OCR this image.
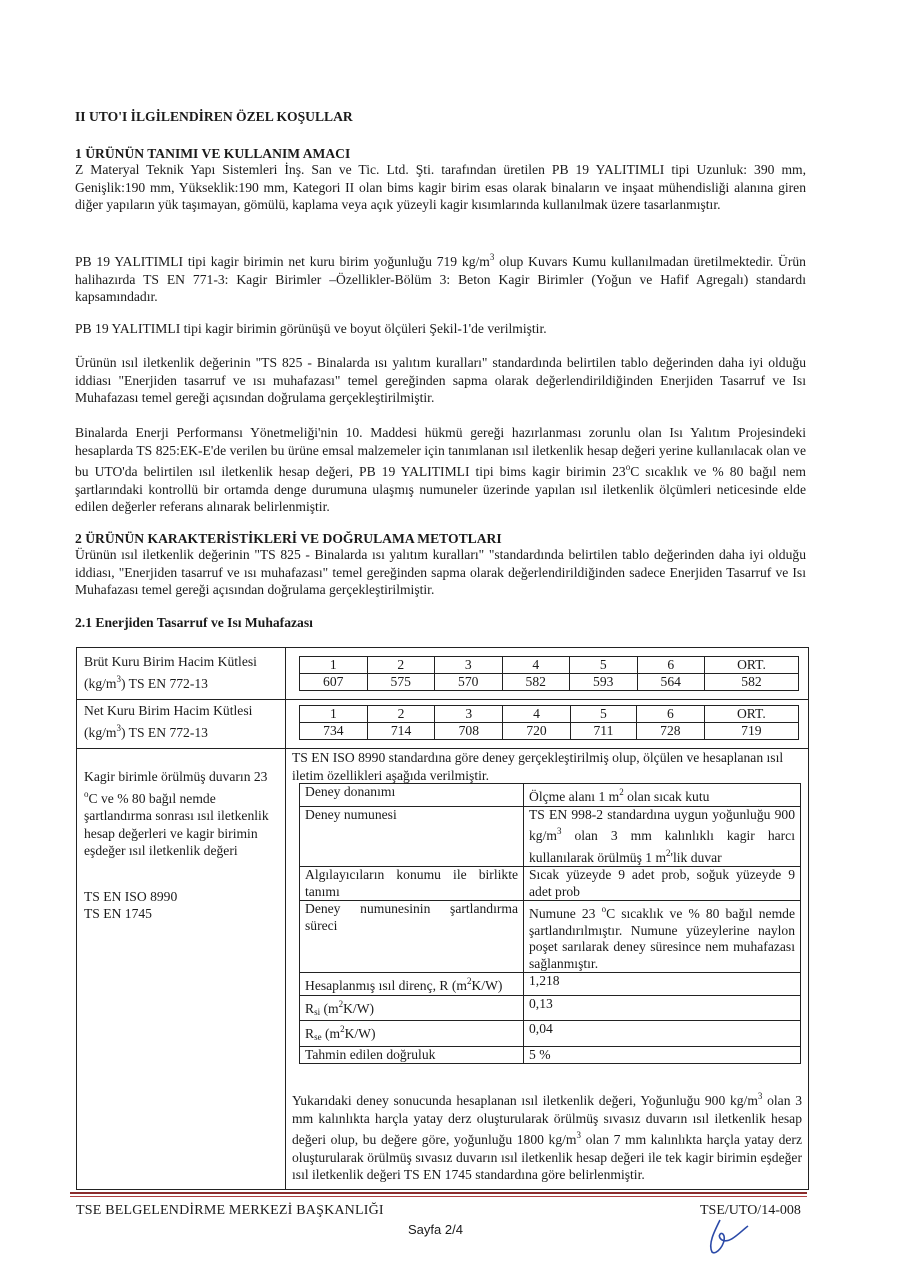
II UTO'I İLGİLENDİREN ÖZEL KOŞULLAR

1 ÜRÜNÜN TANIMI VE KULLANIM AMACI

Z Materyal Teknik Yapı Sistemleri İnş. San ve Tic. Ltd. Şti. tarafından üretilen PB 19 YALITIMLI tipi Uzunluk: 390 mm, Genişlik:190 mm, Yükseklik:190 mm, Kategori II olan bims kagir birim esas olarak binaların ve inşaat mühendisliği alanına giren diğer yapıların yük taşımayan, gömülü, kaplama veya açık yüzeyli kagir kısımlarında kullanılmak üzere tasarlanmıştır.

PB 19 YALITIMLI tipi kagir birimin net kuru birim yoğunluğu 719 $kg/m^3$ olup Kuvars Kumu kullanılmadan üretilmektedir. Ürün halihazırda TS EN 771-3: Kagir Birimler –Özellikler-Bölüm 3: Beton Kagir Birimler (Yoğun ve Hafif Agregalı) standardı kapsamındadır.

PB 19 YALITIMLI tipi kagir birimin görünüşü ve boyut ölçüleri Şekil-1'de verilmiştir.

Ürünün ısıl iletkenlik değerinin "TS 825 - Binalarda ısı yalıtım kuralları" standardında belirtilen tablo değerinden daha iyi olduğu iddiası "Enerjiden tasarruf ve ısı muhafazası" temel gereğinden sapma olarak değerlendirildiğinden Enerjiden Tasarruf ve Isı Muhafazası temel gereği açısından doğrulama gerçekleştirilmiştir.

Binalarda Enerji Performansı Yönetmeliği'nin 10. Maddesi hükmü gereği hazırlanması zorunlu olan Isı Yalıtım Projesindeki hesaplarda TS 825:EK-E'de verilen bu ürüne emsal malzemeler için tanımlanan ısıl iletkenlik hesap değeri yerine kullanılacak olan ve bu UTO'da belirtilen ısıl iletkenlik hesap değeri, PB 19 YALITIMLI tipi bims kagir birimin 23$^o$C sıcaklık ve % 80 bağıl nem şartlarındaki kontrollü bir ortamda denge durumuna ulaşmış numuneler üzerinde yapılan ısıl iletkenlik ölçümleri neticesinde elde edilen değerler referans alınarak belirlenmiştir.

2 ÜRÜNÜN KARAKTERİSTİKLERİ VE DOĞRULAMA METOTLARI

Ürünün ısıl iletkenlik değerinin "TS 825 - Binalarda ısı yalıtım kuralları" "standardında belirtilen tablo değerinden daha iyi olduğu iddiası, "Enerjiden tasarruf ve ısı muhafazası" temel gereğinden sapma olarak değerlendirildiğinden sadece Enerjiden Tasarruf ve Isı Muhafazası temel gereği açısından doğrulama gerçekleştirilmiştir.

2.1 Enerjiden Tasarruf ve Isı Muhafazası

Brüt Kuru Birim Hacim Kütlesi $(kg/m^3)$ TS EN 772-13
1	2	3	4	5	6	ORT.
607	575	570	582	593	564	582
Net Kuru Birim Hacim Kütlesi $(kg/m^3)$ TS EN 772-13
1	2	3	4	5	6	ORT.
734	714	708	720	711	728	719
Kagir birimle örülmüş duvarın 23 $^o$C ve % 80 bağıl nemde şartlandırma sonrası ısıl iletkenlik hesap değerleri ve kagir birimin eşdeğer ısıl iletkenlik değeri
TS EN ISO 8990
TS EN 1745
TS EN ISO 8990 standardına göre deney gerçekleştirilmiş olup, ölçülen ve hesaplanan ısıl iletim özellikleri aşağıda verilmiştir.
Deney donanımı	Ölçme alanı 1 $m^2$ olan sıcak kutu
Deney numunesi	TS EN 998-2 standardına uygun yoğunluğu 900 $kg/m^3$ olan 3 mm kalınlıklı kagir harcı kullanılarak örülmüş 1 $m^2'lik$ duvar
Algılayıcıların konumu ile birlikte tanımı	Sıcak yüzeyde 9 adet prob, soğuk yüzeyde 9 adet prob
Deney numunesinin şartlandırma süreci	Numune 23 $^o$C sıcaklık ve % 80 bağıl nemde şartlandırılmıştır. Numune yüzeylerine naylon poşet sarılarak deney süresince nem muhafazası sağlanmıştır.
Hesaplanmış ısıl direnç, R $(m^2K/W)$	1,218
$R_{si}$ $(m^2K/W)$	0,13
$R_{se}$ $(m^2K/W)$	0,04
Tahmin edilen doğruluk	5 %
Yukarıdaki deney sonucunda hesaplanan ısıl iletkenlik değeri, Yoğunluğu 900 $kg/m^3$ olan 3 mm kalınlıkta harçla yatay derz oluşturularak örülmüş sıvasız duvarın ısıl iletkenlik hesap değeri olup, bu değere göre, yoğunluğu 1800 $kg/m^3$ olan 7 mm kalınlıkta harçla yatay derz oluşturularak örülmüş sıvasız duvarın ısıl iletkenlik hesap değeri ile tek kagir birimin eşdeğer ısıl iletkenlik değeri TS EN 1745 standardına göre belirlenmiştir.
TSE BELGELENDİRME MERKEZİ BAŞKANLIĞI
Sayfa 2/4
TSE/UTO/14-008
